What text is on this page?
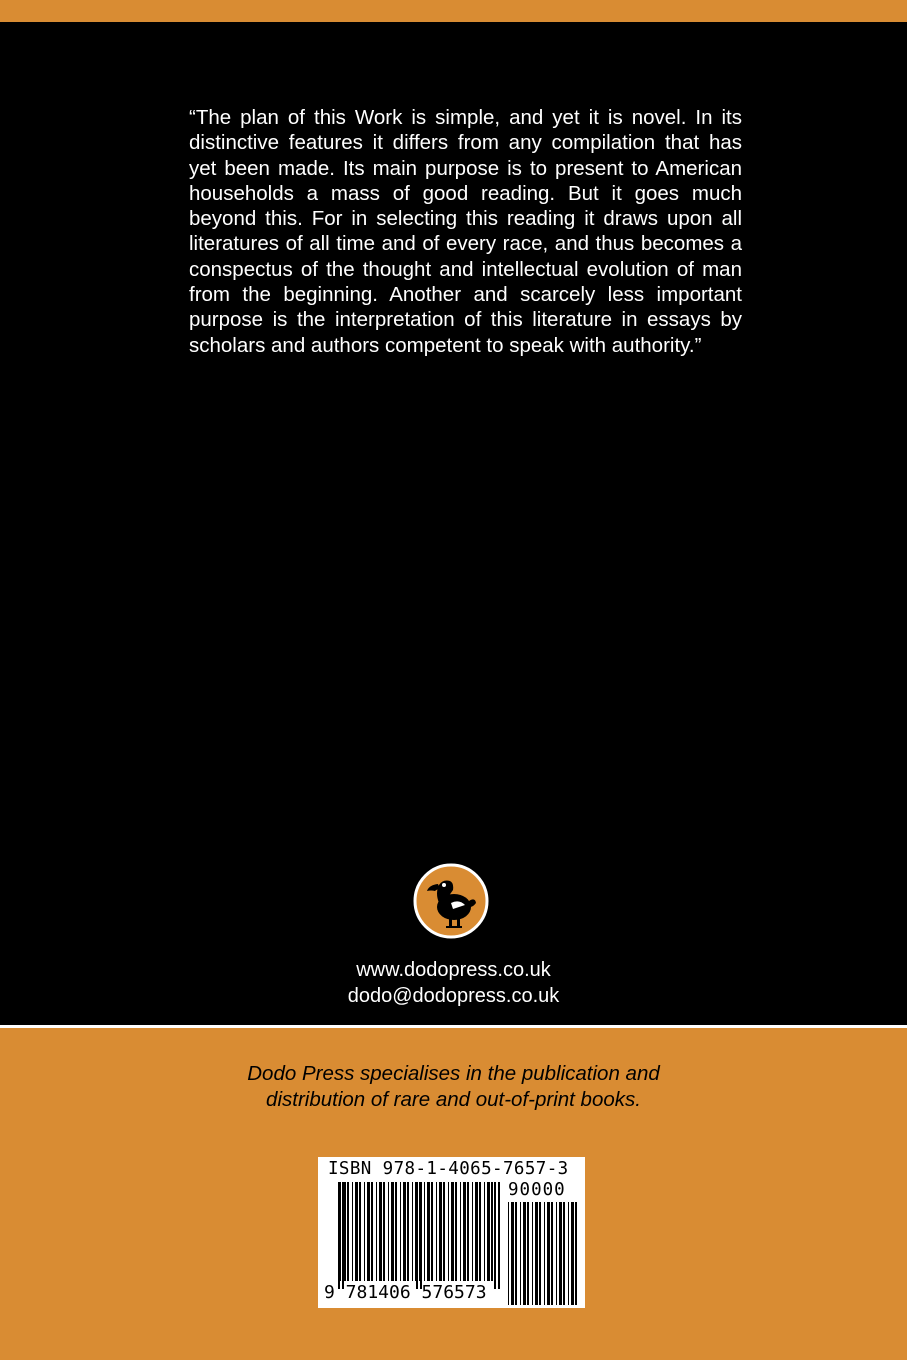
“The plan of this Work is simple, and yet it is novel. In its distinctive features it differs from any compilation that has yet been made. Its main purpose is to present to American households a mass of good reading. But it goes much beyond this. For in selecting this reading it draws upon all literatures of all time and of every race, and thus becomes a conspectus of the thought and intellectual evolution of man from the beginning. Another and scarcely less important purpose is the interpretation of this literature in essays by scholars and authors competent to speak with authority.”

www.dodopress.co.uk
dodo@dodopress.co.uk
Dodo Press specialises in the publication and
distribution of rare and out-of-print books.
ISBN 978-1-4065-7657-3
90000
9 781406 576573
